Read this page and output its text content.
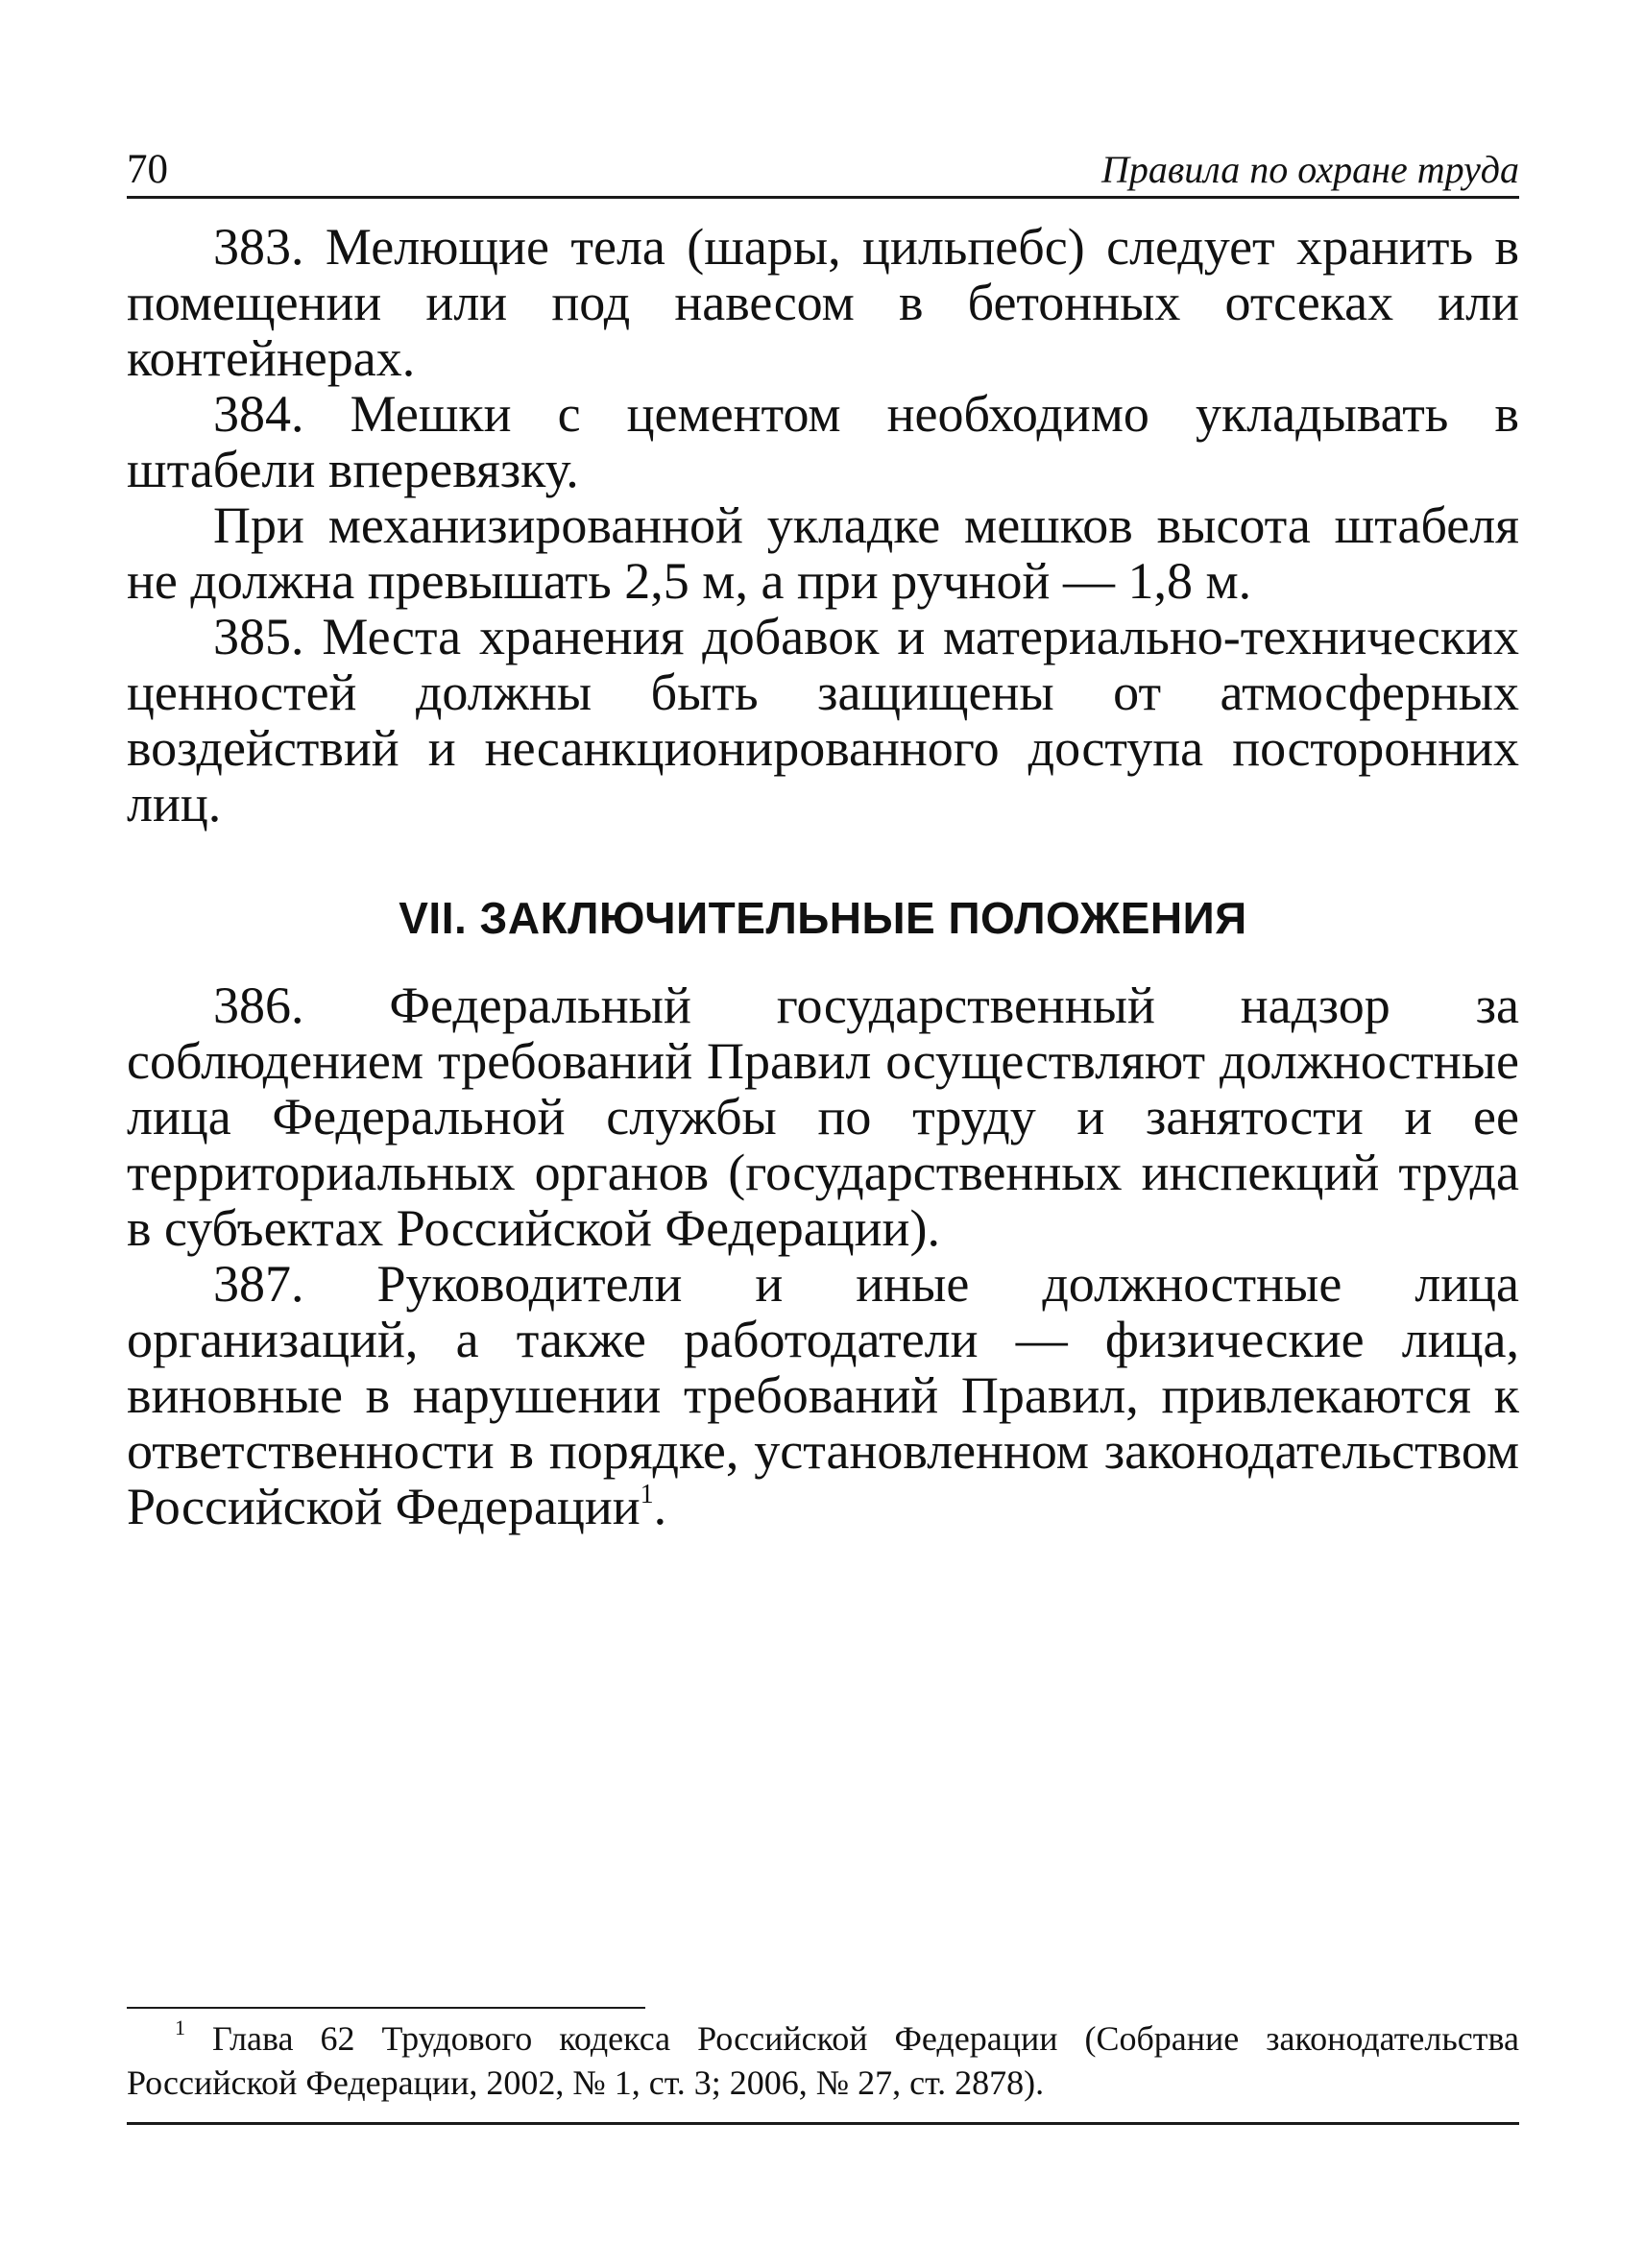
70	Правила по охране труда

383. Мелющие тела (шары, цильпебс) следует хранить в помещении или под навесом в бетонных отсеках или контейнерах.

384. Мешки с цементом необходимо укладывать в штабели вперевязку.

При механизированной укладке мешков высота штабеля не должна превышать 2,5 м, а при ручной — 1,8 м.

385. Места хранения добавок и материально-технических ценностей должны быть защищены от атмосферных воздействий и несанкционированного доступа посторонних лиц.

VII. ЗАКЛЮЧИТЕЛЬНЫЕ ПОЛОЖЕНИЯ

386. Федеральный государственный надзор за соблюдением требований Правил осуществляют должностные лица Федеральной службы по труду и занятости и ее территориальных органов (государственных инспекций труда в субъектах Российской Федерации).

387. Руководители и иные должностные лица организаций, а также работодатели — физические лица, виновные в нарушении требований Правил, привлекаются к ответственности в порядке, установленном законодательством Российской Федерации$^1$.

$^1$ Глава 62 Трудового кодекса Российской Федерации (Собрание законодательства Российской Федерации, 2002, № 1, ст. 3; 2006, № 27, ст. 2878).
